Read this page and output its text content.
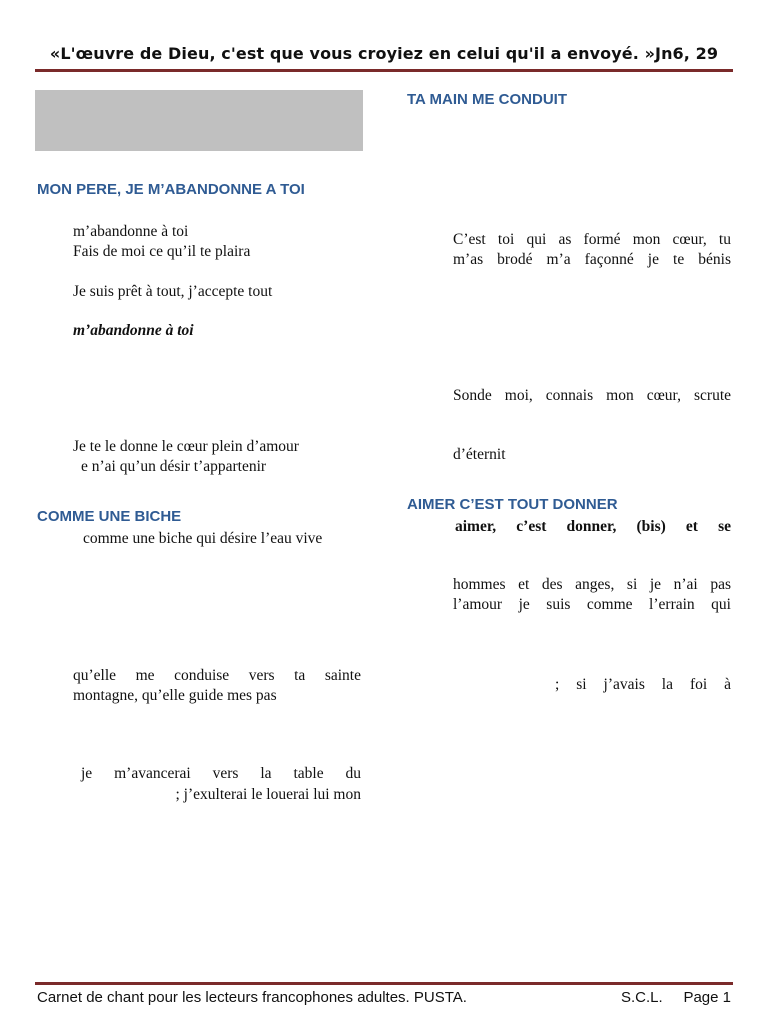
«L'œuvre de Dieu, c'est que vous croyiez en celui qu'il a envoyé. »Jn6, 29
MON PERE, JE M’ABANDONNE A TOI
m’abandonne à toi
Fais de moi ce qu’il te plaira
Je suis prêt à tout, j’accepte tout
m’abandonne à toi
Je te le donne le cœur plein d’amour
e n’ai qu’un désir t’appartenir
COMME UNE BICHE
comme une biche qui désire l’eau vive
qu’elle me conduise vers ta sainte
montagne, qu’elle guide mes pas
je m’avancerai vers la table du
; j’exulterai le louerai lui mon
TA MAIN ME CONDUIT
C’est toi qui as formé mon cœur, tu
m’as brodé m’a façonné je te bénis
Sonde moi, connais mon cœur, scrute
d’éternit
AIMER C’EST TOUT DONNER
aimer, c’est donner, (bis) et se
hommes et des anges, si je n’ai pas
l’amour je suis comme l’errain qui
; si j’avais la foi à
Carnet de chant pour les lecteurs francophones adultes. PUSTA.	S.C.L.     Page 1
